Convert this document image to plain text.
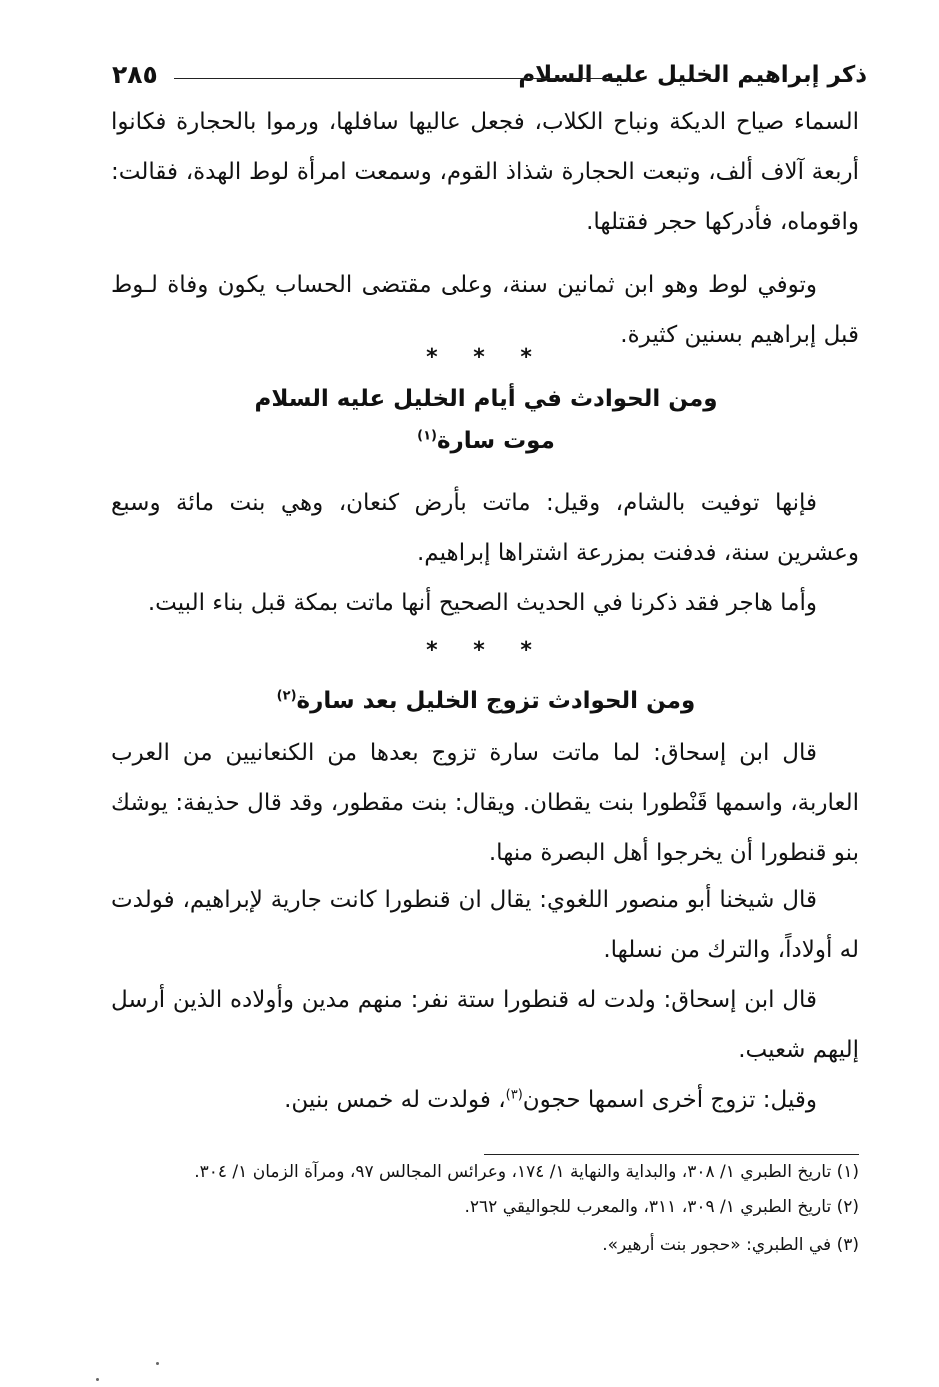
ذكر إبراهيم الخليل عليه السلام
٢٨٥

السماء صياح الديكة ونباح الكلاب، فجعل عاليها سافلها، ورموا بالحجارة فكانوا أربعة آلاف ألف، وتبعت الحجارة شذاذ القوم، وسمعت امرأة لوط الهدة، فقالت: واقوماه، فأدركها حجر فقتلها.

وتوفي لوط وهو ابن ثمانين سنة، وعلى مقتضى الحساب يكون وفاة لـوط قبل إبراهيم بسنين كثيرة.

* * *
ومن الحوادث في أيام الخليل عليه السلام
موت سارة$^{(١)}$

فإنها توفيت بالشام، وقيل: ماتت بأرض كنعان، وهي بنت مائة وسبع وعشرين سنة، فدفنت بمزرعة اشتراها إبراهيم.

وأما هاجر فقد ذكرنا في الحديث الصحيح أنها ماتت بمكة قبل بناء البيت.

* * *
ومن الحوادث تزوج الخليل بعد سارة$^{(٢)}$

قال ابن إسحاق: لما ماتت سارة تزوج بعدها من الكنعانيين من العرب العاربة، واسمها قَنْطورا بنت يقطان. ويقال: بنت مقطور، وقد قال حذيفة: يوشك بنو قنطورا أن يخرجوا أهل البصرة منها.

قال شيخنا أبو منصور اللغوي: يقال ان قنطورا كانت جارية لإبراهيم، فولدت له أولاداً، والترك من نسلها.

قال ابن إسحاق: ولدت له قنطورا ستة نفر: منهم مدين وأولاده الذين أرسل إليهم شعيب.

وقيل: تزوج أخرى اسمها حجون$^{(٣)}$، فولدت له خمس بنين.

(١) تاريخ الطبري ١/ ٣٠٨، والبداية والنهاية ١/ ١٧٤، وعرائس المجالس ٩٧، ومرآة الزمان ١/ ٣٠٤.
(٢) تاريخ الطبري ١/ ٣٠٩، ٣١١، والمعرب للجواليقي ٢٦٢.
(٣) في الطبري: «حجور بنت أرهير».
